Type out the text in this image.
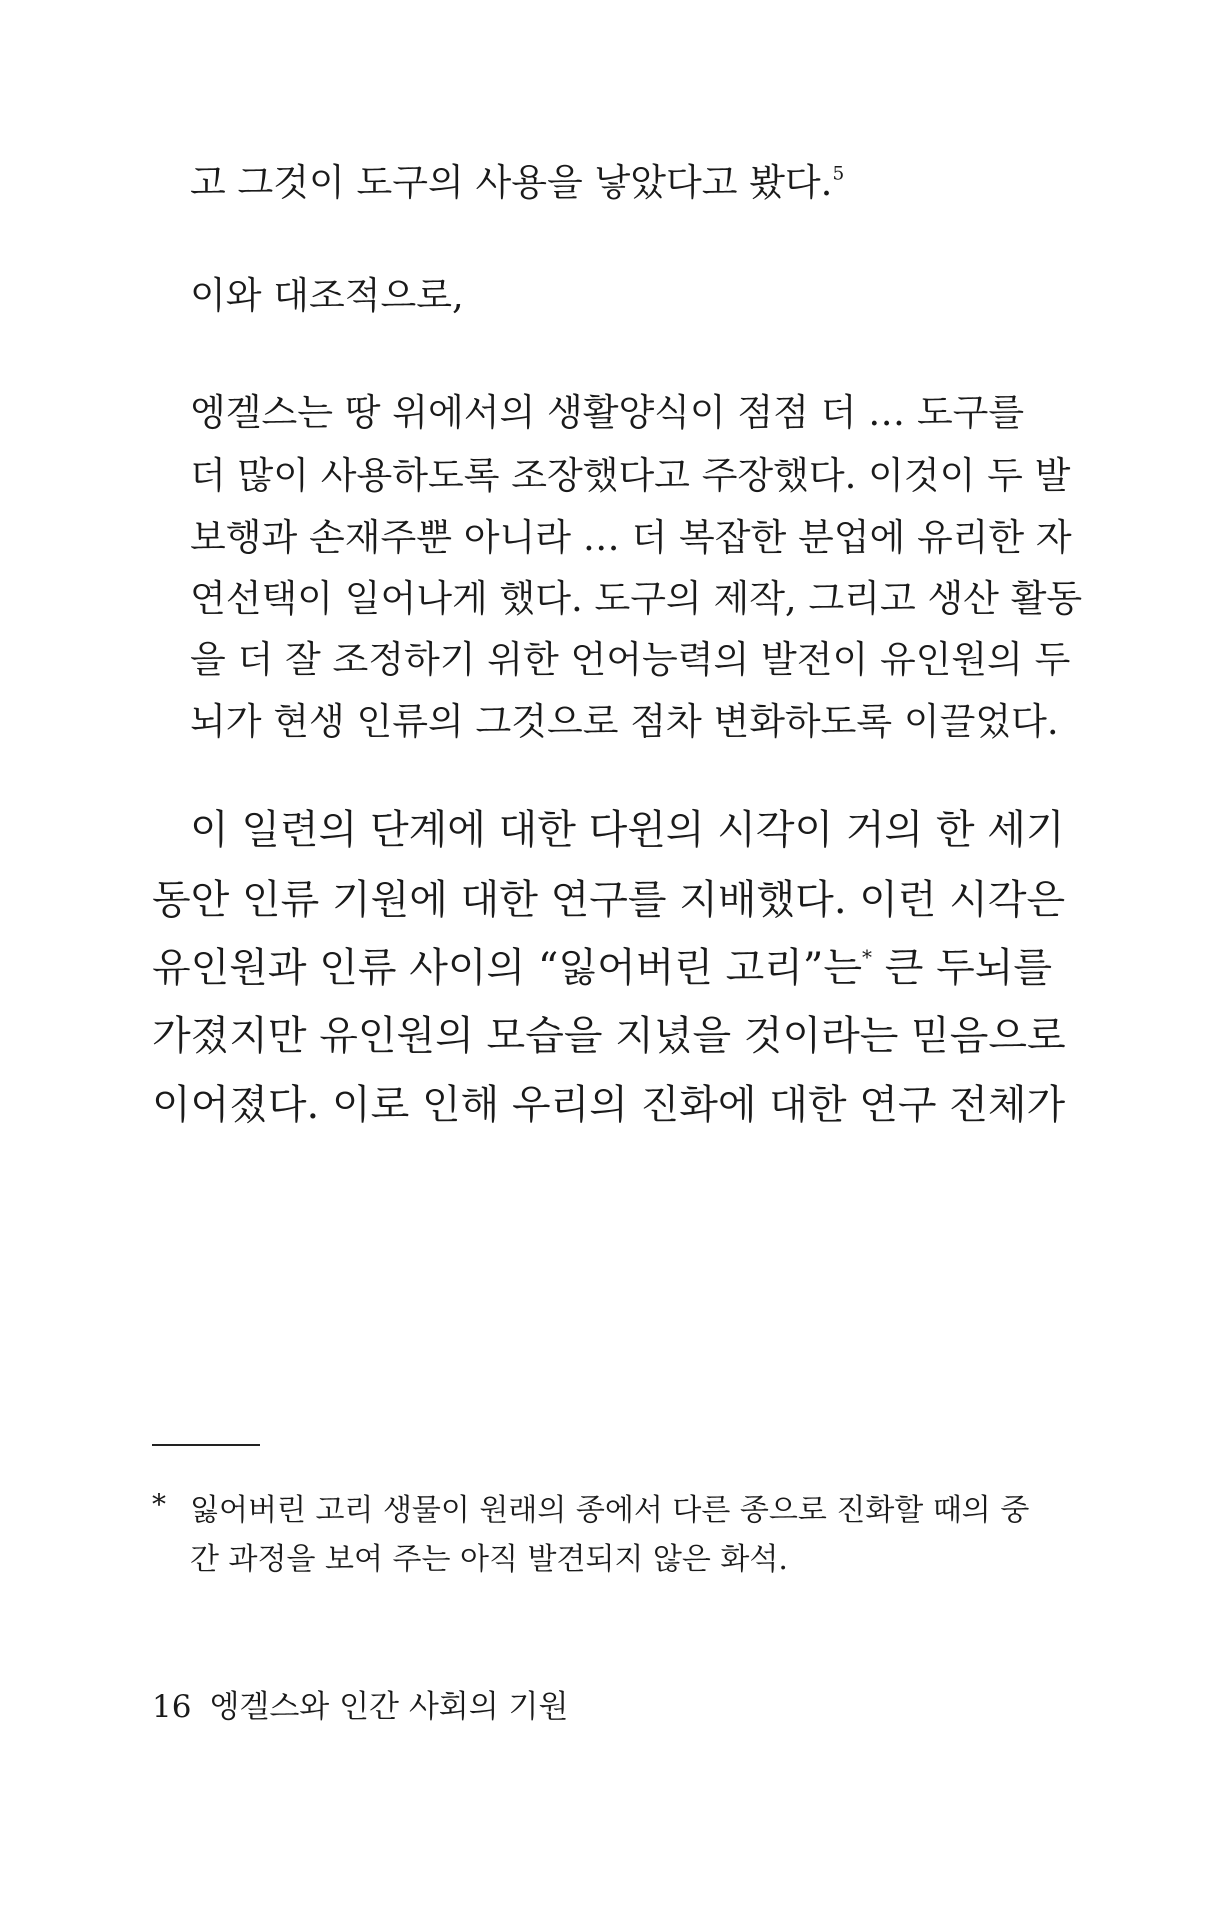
고 그것이 도구의 사용을 낳았다고 봤다.$^5$
이와 대조적으로,
엥겔스는 땅 위에서의 생활양식이 점점 더 … 도구를
더 많이 사용하도록 조장했다고 주장했다. 이것이 두 발
보행과 손재주뿐 아니라 … 더 복잡한 분업에 유리한 자
연선택이 일어나게 했다. 도구의 제작, 그리고 생산 활동
을 더 잘 조정하기 위한 언어능력의 발전이 유인원의 두
뇌가 현생 인류의 그것으로 점차 변화하도록 이끌었다.
이 일련의 단계에 대한 다윈의 시각이 거의 한 세기
동안 인류 기원에 대한 연구를 지배했다. 이런 시각은
유인원과 인류 사이의 “잃어버린 고리”는* 큰 두뇌를
가졌지만 유인원의 모습을 지녔을 것이라는 믿음으로
이어졌다. 이로 인해 우리의 진화에 대한 연구 전체가
* 잃어버린 고리 생물이 원래의 종에서 다른 종으로 진화할 때의 중
간 과정을 보여 주는 아직 발견되지 않은 화석.
16 엥겔스와 인간 사회의 기원
